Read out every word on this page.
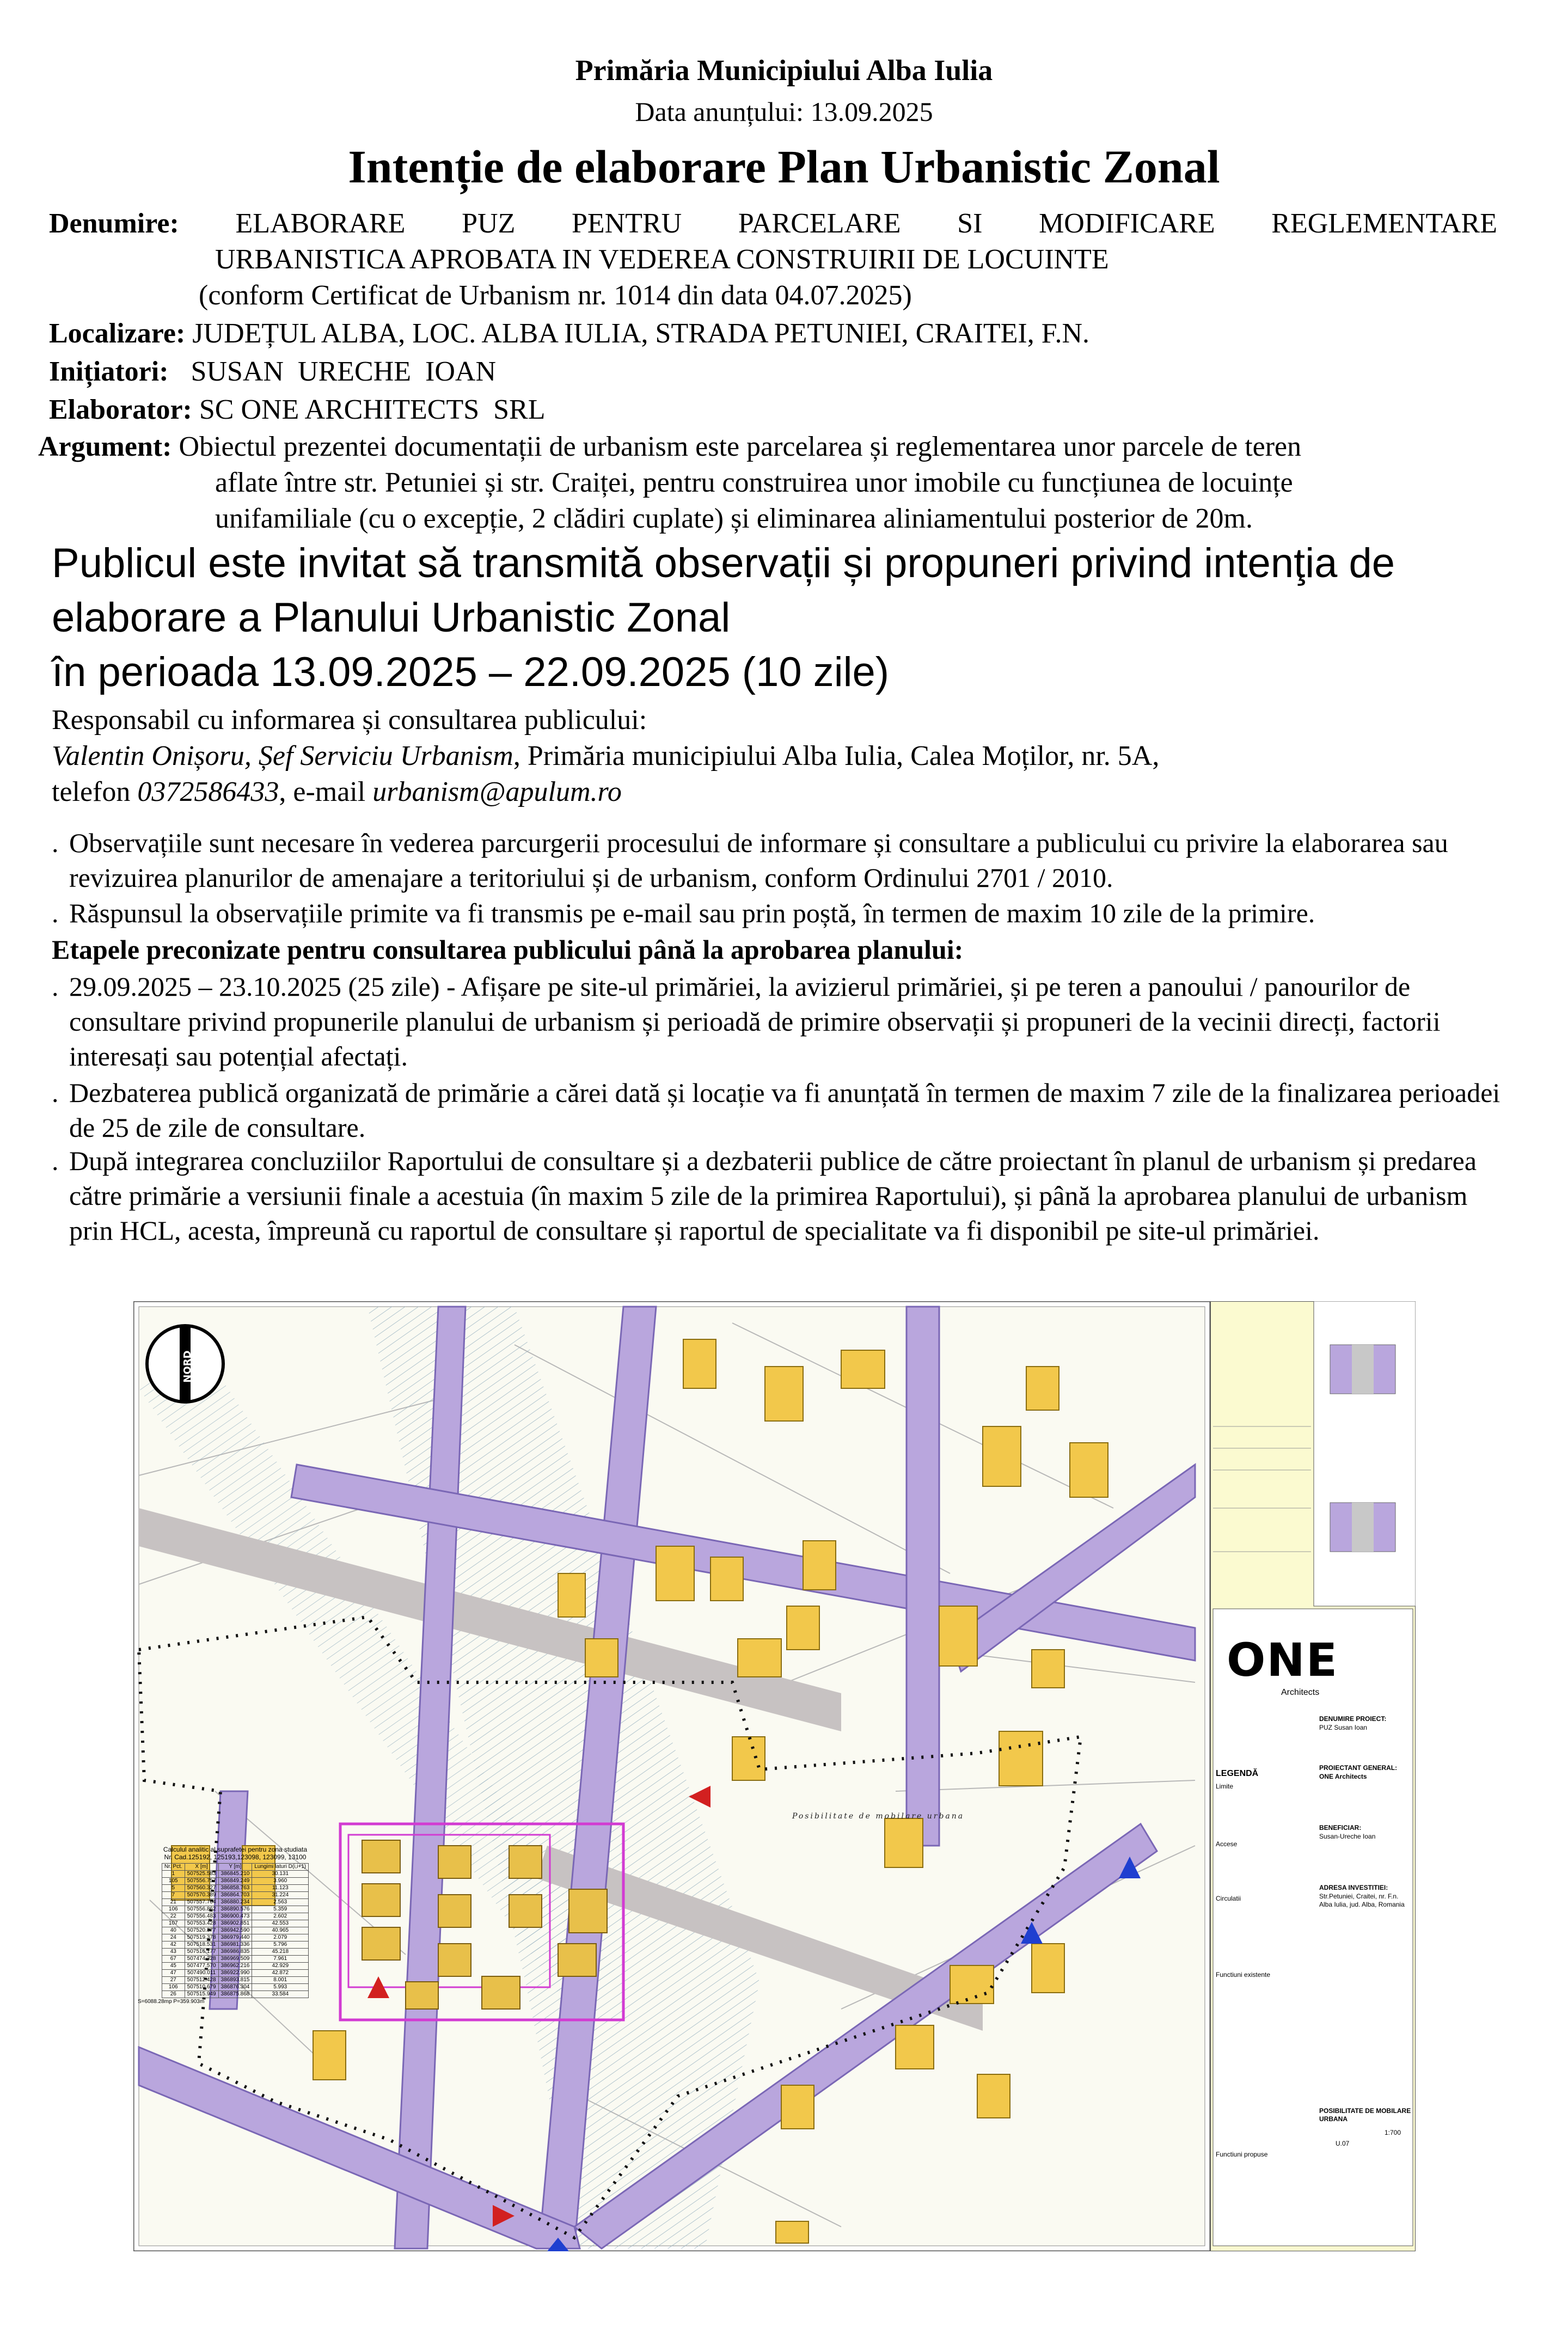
Primăria Municipiului Alba Iulia
Data anunțului: 13.09.2025
Intenție de elaborare Plan Urbanistic Zonal
Denumire: ELABORARE PUZ PENTRU PARCELARE SI MODIFICARE REGLEMENTARE
URBANISTICA APROBATA IN VEDEREA CONSTRUIRII DE LOCUINTE
(conform Certificat de Urbanism nr. 1014 din data 04.07.2025)
Localizare: JUDEȚUL ALBA, LOC. ALBA IULIA, STRADA PETUNIEI, CRAITEI, F.N.
Inițiatori: SUSAN  URECHE  IOAN
Elaborator: SC ONE ARCHITECTS  SRL
Argument: Obiectul prezentei documentații de urbanism este parcelarea și reglementarea unor parcele de teren
aflate între str. Petuniei și str. Craiței, pentru construirea unor imobile cu funcțiunea de locuințe
unifamiliale (cu o excepție, 2 clădiri cuplate) și eliminarea aliniamentului posterior de 20m.
Publicul este invitat să transmită observații și propuneri privind intenţia de
elaborare a Planului Urbanistic Zonal
în perioada 13.09.2025 – 22.09.2025 (10 zile)
Responsabil cu informarea și consultarea publicului:
Valentin Onișoru, Șef Serviciu Urbanism, Primăria municipiului Alba Iulia, Calea Moților, nr. 5A,
telefon 0372586433, e-mail urbanism@apulum.ro
. Observațiile sunt necesare în vederea parcurgerii procesului de informare și consultare a publicului cu privire la elaborarea sau revizuirea planurilor de amenajare a teritoriului și de urbanism, conform Ordinului 2701 / 2010.
. Răspunsul la observațiile primite va fi transmis pe e-mail sau prin poștă, în termen de maxim 10 zile de la primire.
Etapele preconizate pentru consultarea publicului până la aprobarea planului:
. 29.09.2025 – 23.10.2025 (25 zile) - Afișare pe site-ul primăriei, la avizierul primăriei, și pe teren a panoului / panourilor de consultare privind propunerile planului de urbanism și perioadă de primire observații și propuneri de la vecinii direcți, factorii interesați sau potențial afectați.
. Dezbaterea publică organizată de primărie a cărei dată și locație va fi anunțată în termen de maxim 7 zile de la finalizarea perioadei de 25 de zile de consultare.
. După integrarea concluziilor Raportului de consultare și a dezbaterii publice de către proiectant în planul de urbanism și predarea către primărie a versiunii finale a acestuia (în maxim 5 zile de la primirea Raportului), și până la aprobarea planului de urbanism prin HCL, acesta, împreună cu raportul de consultare și raportul de specialitate va fi disponibil pe site-ul primăriei.
NORD
Posibilitate de mobilare urbana
Calculul analitic al suprafetei pentru zona studiata
Nr. Cad.125192, 125193,123098, 123099, 13100
Nr. Pct.	X [m]	Y [m]	Lungimi laturi D(i,i+1)
1	507525.583	386845.210	30.131
105	507556.757	386849.249	3.960
5	507560.327	386858.763	11.123
7	507570.389	386864.703	31.224
21	507557.704	386880.234	2.563
106	507556.862	386890.576	5.359
22	507556.483	386900.473	2.602
107	507553.428	386902.851	42.553
40	507520.877	386942.590	40.965
24	507519.378	386979.440	2.079
42	507518.531	386981.336	5.796
43	507516.177	386986.835	45.218
67	507474.328	386969.509	7.961
45	507477.570	386962.216	42.929
47	507490.011	386922.990	42.872
27	507512.428	386893.815	8.001
106	507510.679	386876.304	5.993
26	507515.949	386875.868	33.584
S=6088.28mp P=359.903m
ONE
Architects
DENUMIRE PROIECT:
PUZ Susan Ioan
PROIECTANT GENERAL:
ONE Architects
BENEFICIAR:
Susan-Ureche Ioan
ADRESA INVESTITIEI:
Str.Petuniei, Craitei, nr. F.n. Alba Iulia, jud. Alba, Romania
LEGENDĂ
Limite
Accese
Circulatii
Functiuni existente
Functiuni propuse
POSIBILITATE DE MOBILARE URBANA
U.07
1:700
